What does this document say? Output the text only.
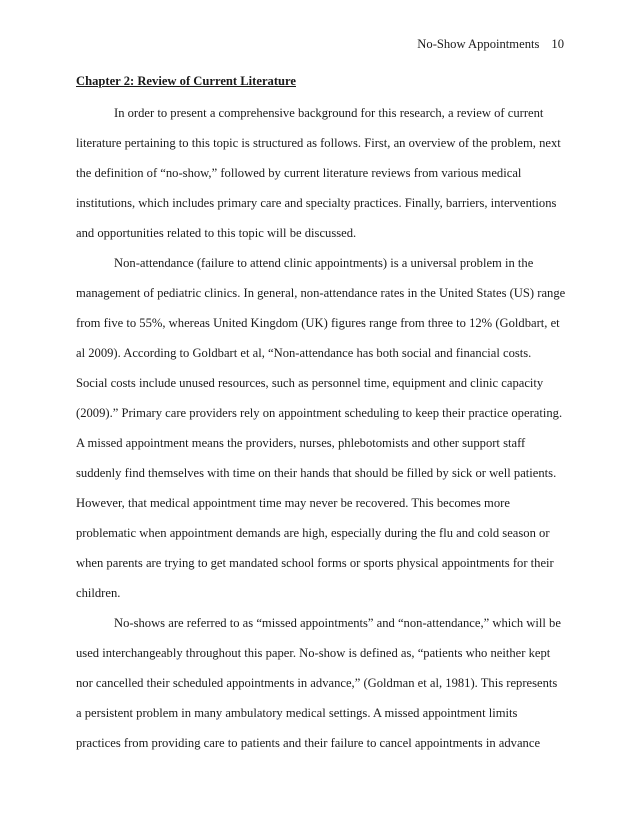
No-Show Appointments 10
Chapter 2: Review of Current Literature
In order to present a comprehensive background for this research, a review of current
literature pertaining to this topic is structured as follows. First, an overview of the problem, next
the definition of “no-show,” followed by current literature reviews from various medical
institutions, which includes primary care and specialty practices. Finally, barriers, interventions
and opportunities related to this topic will be discussed.
Non-attendance (failure to attend clinic appointments) is a universal problem in the
management of pediatric clinics. In general, non-attendance rates in the United States (US) range
from five to 55%, whereas United Kingdom (UK) figures range from three to 12% (Goldbart, et
al 2009). According to Goldbart et al, “Non-attendance has both social and financial costs.
Social costs include unused resources, such as personnel time, equipment and clinic capacity
(2009).” Primary care providers rely on appointment scheduling to keep their practice operating.
A missed appointment means the providers, nurses, phlebotomists and other support staff
suddenly find themselves with time on their hands that should be filled by sick or well patients.
However, that medical appointment time may never be recovered. This becomes more
problematic when appointment demands are high, especially during the flu and cold season or
when parents are trying to get mandated school forms or sports physical appointments for their
children.
No-shows are referred to as “missed appointments” and “non-attendance,” which will be
used interchangeably throughout this paper. No-show is defined as, “patients who neither kept
nor cancelled their scheduled appointments in advance,” (Goldman et al, 1981). This represents
a persistent problem in many ambulatory medical settings. A missed appointment limits
practices from providing care to patients and their failure to cancel appointments in advance
